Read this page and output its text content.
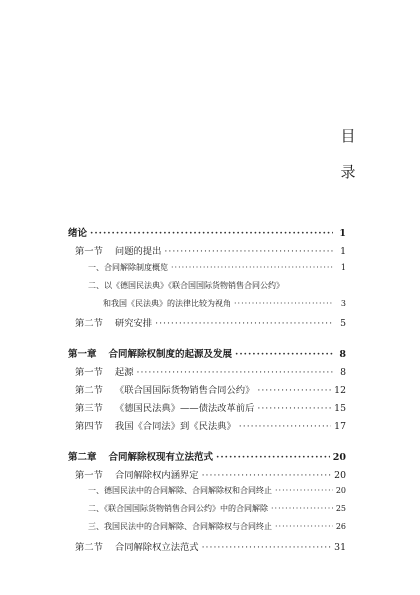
目
录
绪论 ·····	1
第一节 问题的提出 ·····	1
一、合同解除制度概览 ·····	1
二、以《德国民法典》《联合国国际货物销售合同公约》
和我国《民法典》的法律比较为视角 ·····	3
第二节 研究安排 ·····	5
第一章 合同解除权制度的起源及发展 ·····	8
第一节 起源 ·····	8
第二节 《联合国国际货物销售合同公约》 ·····	12
第三节 《德国民法典》——债法改革前后 ·····	15
第四节 我国《合同法》到《民法典》 ·····	17
第二章 合同解除权现有立法范式 ·····	20
第一节 合同解除权内涵界定 ·····	20
一、德国民法中的合同解除、合同解除权和合同终止 ·····	20
二、《联合国国际货物销售合同公约》中的合同解除 ·····	25
三、我国民法中的合同解除、合同解除权与合同终止 ·····	26
第二节 合同解除权立法范式 ·····	31
